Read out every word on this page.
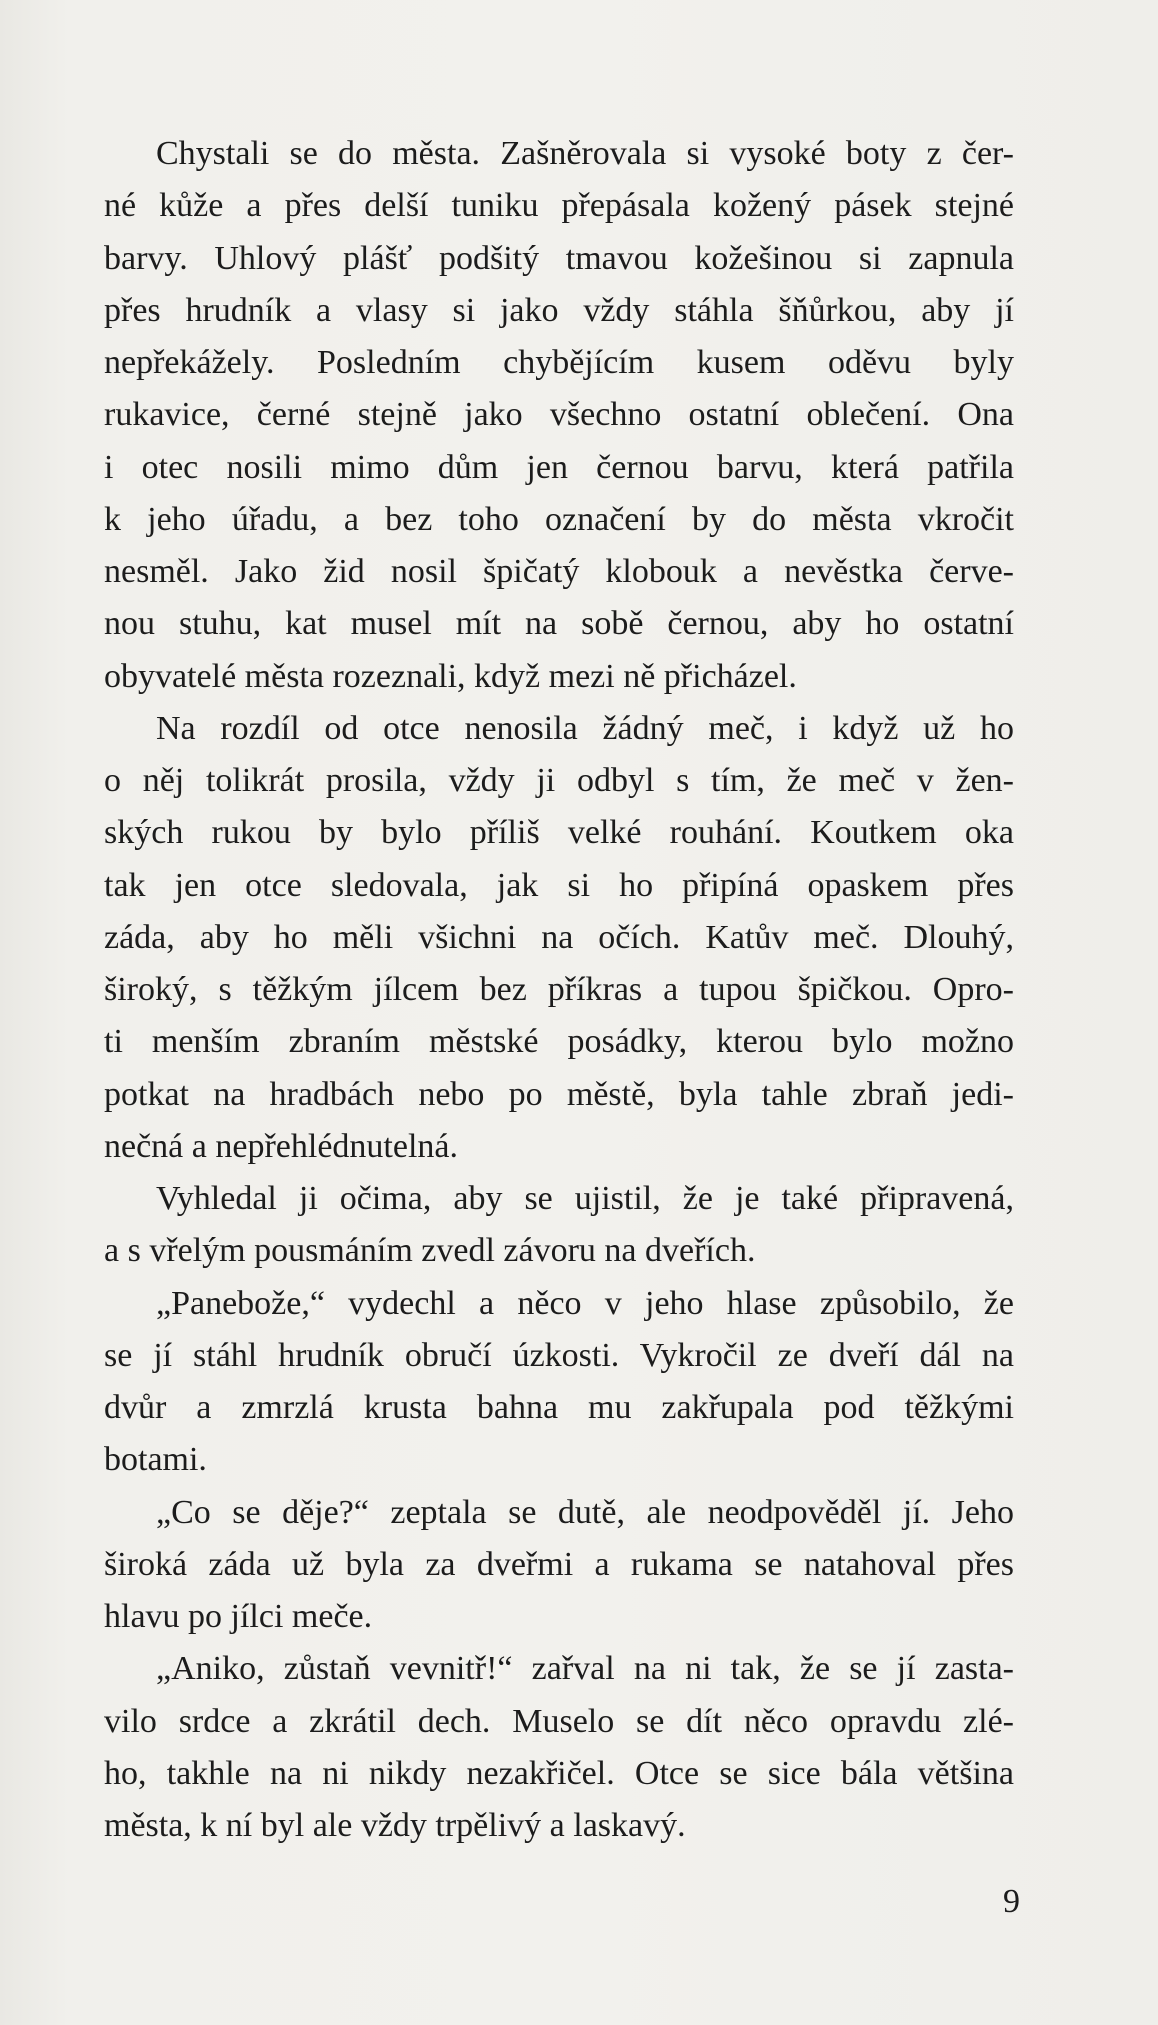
Chystali se do města. Zašněrovala si vysoké boty z čer-
né kůže a přes delší tuniku přepásala kožený pásek stejné
barvy. Uhlový plášť podšitý tmavou kožešinou si zapnula
přes hrudník a vlasy si jako vždy stáhla šňůrkou, aby jí
nepřekážely. Posledním chybějícím kusem oděvu byly
rukavice, černé stejně jako všechno ostatní oblečení. Ona
i otec nosili mimo dům jen černou barvu, která patřila
k jeho úřadu, a bez toho označení by do města vkročit
nesměl. Jako žid nosil špičatý klobouk a nevěstka červe-
nou stuhu, kat musel mít na sobě černou, aby ho ostatní
obyvatelé města rozeznali, když mezi ně přicházel.
Na rozdíl od otce nenosila žádný meč, i když už ho
o něj tolikrát prosila, vždy ji odbyl s tím, že meč v žen-
ských rukou by bylo příliš velké rouhání. Koutkem oka
tak jen otce sledovala, jak si ho připíná opaskem přes
záda, aby ho měli všichni na očích. Katův meč. Dlouhý,
široký, s těžkým jílcem bez příkras a tupou špičkou. Opro-
ti menším zbraním městské posádky, kterou bylo možno
potkat na hradbách nebo po městě, byla tahle zbraň jedi-
nečná a nepřehlédnutelná.
Vyhledal ji očima, aby se ujistil, že je také připravená,
a s vřelým pousmáním zvedl závoru na dveřích.
„Panebože,“ vydechl a něco v jeho hlase způsobilo, že
se jí stáhl hrudník obručí úzkosti. Vykročil ze dveří dál na
dvůr a zmrzlá krusta bahna mu zakřupala pod těžkými
botami.
„Co se děje?“ zeptala se dutě, ale neodpověděl jí. Jeho
široká záda už byla za dveřmi a rukama se natahoval přes
hlavu po jílci meče.
„Aniko, zůstaň vevnitř!“ zařval na ni tak, že se jí zasta-
vilo srdce a zkrátil dech. Muselo se dít něco opravdu zlé-
ho, takhle na ni nikdy nezakřičel. Otce se sice bála většina
města, k ní byl ale vždy trpělivý a laskavý.
9
